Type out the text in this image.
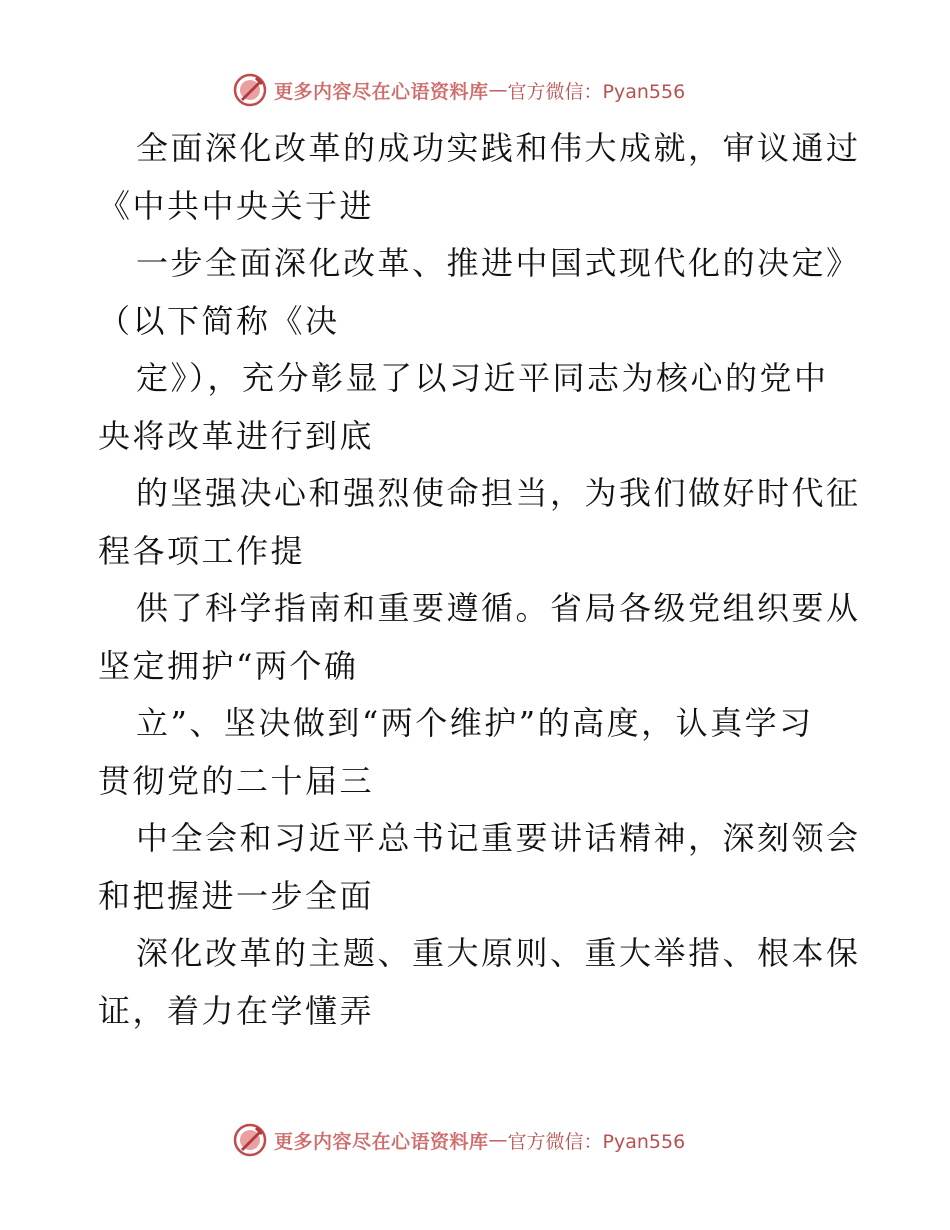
更多内容尽在心语资料库 — 官方微信：Pyan556
全面深化改革的成功实践和伟大成就，审议通过
《中共中央关于进
一步全面深化改革、推进中国式现代化的决定》
（以下简称《决
定》），充分彰显了以习近平同志为核心的党中
央将改革进行到底
的坚强决心和强烈使命担当，为我们做好时代征
程各项工作提
供了科学指南和重要遵循。省局各级党组织要从
坚定拥护“两个确
立”、坚决做到“两个维护”的高度，认真学习
贯彻党的二十届三
中全会和习近平总书记重要讲话精神，深刻领会
和把握进一步全面
深化改革的主题、重大原则、重大举措、根本保
证，着力在学懂弄
更多内容尽在心语资料库 — 官方微信：Pyan556
